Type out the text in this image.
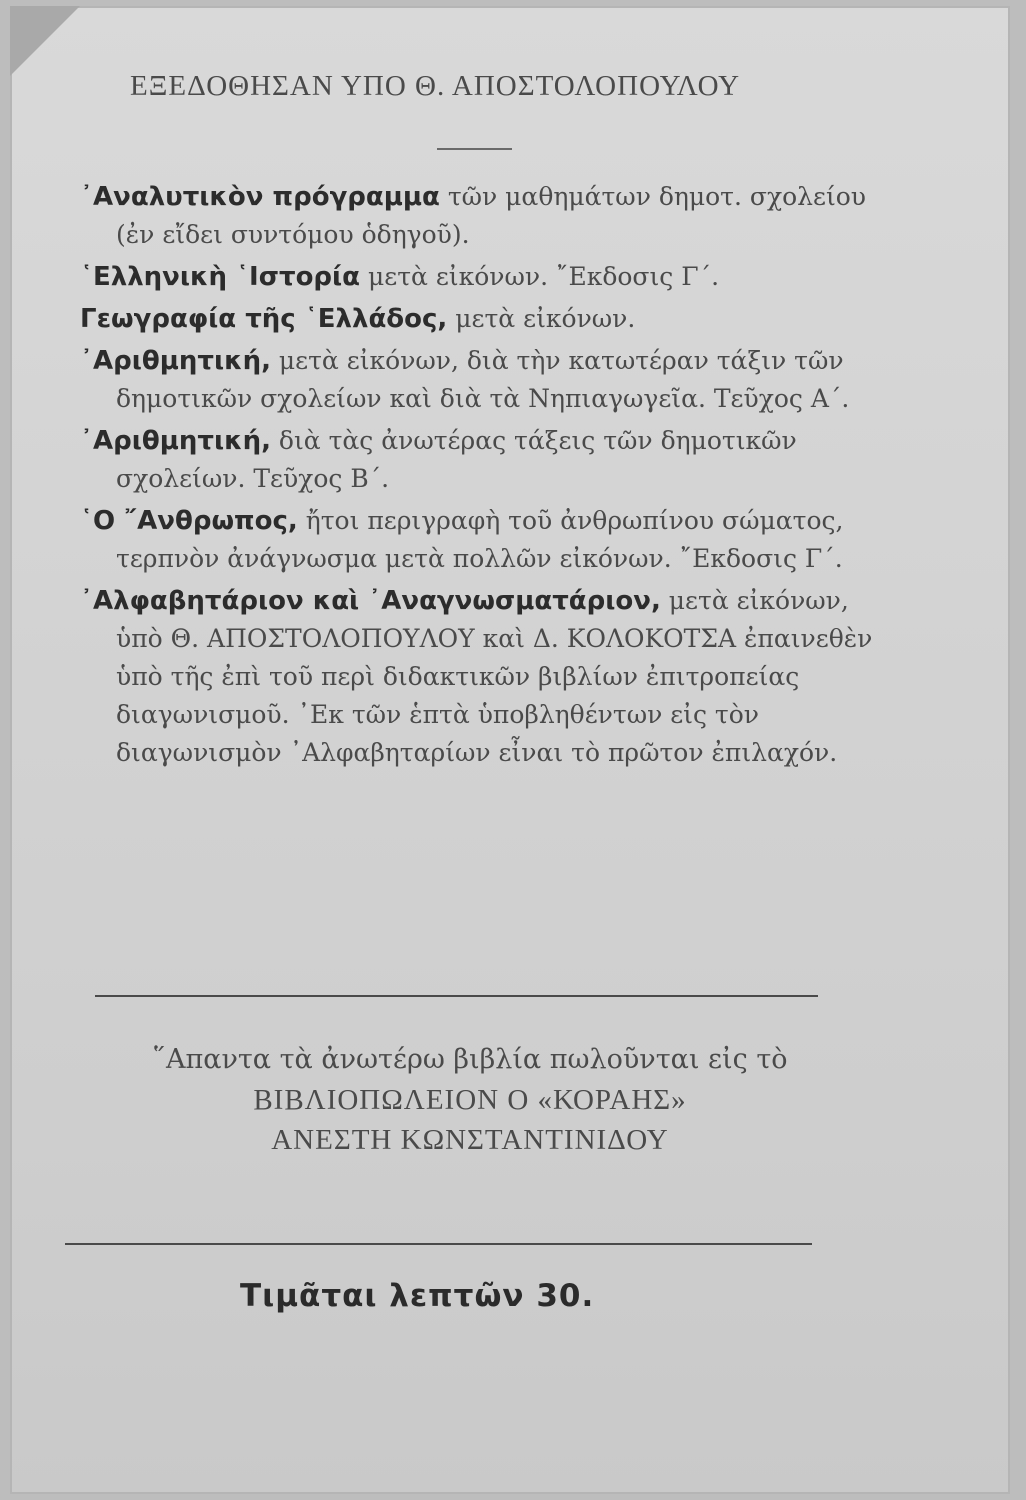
ΕΞΕΔΟΘΗΣΑΝ ΥΠΟ Θ. ΑΠΟΣΤΟΛΟΠΟΥΛΟΥ

᾿Αναλυτικὸν πρόγραμμα τῶν μαθημάτων δημοτ. σχολείου (ἐν εἴδει συντόμου ὁδηγοῦ).

῾Ελληνικὴ ῾Ιστορία μετὰ εἰκόνων. ῎Εκδοσις Γ΄.

Γεωγραφία τῆς ῾Ελλάδος, μετὰ εἰκόνων.

᾿Αριθμητική, μετὰ εἰκόνων, διὰ τὴν κατωτέραν τάξιν τῶν δημοτικῶν σχολείων καὶ διὰ τὰ Νηπιαγωγεῖα. Τεῦχος Α΄.

᾿Αριθμητική, διὰ τὰς ἀνωτέρας τάξεις τῶν δημοτικῶν σχολείων. Τεῦχος Β΄.

῾Ο ῎Ανθρωπος, ἤτοι περιγραφὴ τοῦ ἀνθρωπίνου σώματος, τερπνὸν ἀνάγνωσμα μετὰ πολλῶν εἰκόνων. ῎Εκδοσις Γ΄.

᾿Αλφαβητάριον καὶ ᾿Αναγνωσματάριον, μετὰ εἰκόνων, ὑπὸ Θ. ΑΠΟΣΤΟΛΟΠΟΥΛΟΥ καὶ Δ. ΚΟΛΟΚΟΤΣΑ ἐπαινεθὲν ὑπὸ τῆς ἐπὶ τοῦ περὶ διδακτικῶν βιβλίων ἐπιτροπείας διαγωνισμοῦ. ᾿Εκ τῶν ἑπτὰ ὑποβληθέντων εἰς τὸν διαγωνισμὸν ᾿Αλφαβηταρίων εἶναι τὸ πρῶτον ἐπιλαχόν.

῞Απαντα τὰ ἀνωτέρω βιβλία πωλοῦνται εἰς τὸ
ΒΙΒΛΙΟΠΩΛΕΙΟΝ Ο «ΚΟΡΑΗΣ»
ΑΝΕΣΤΗ ΚΩΝΣΤΑΝΤΙΝΙΔΟΥ
Τιμᾶται λεπτῶν 30.
